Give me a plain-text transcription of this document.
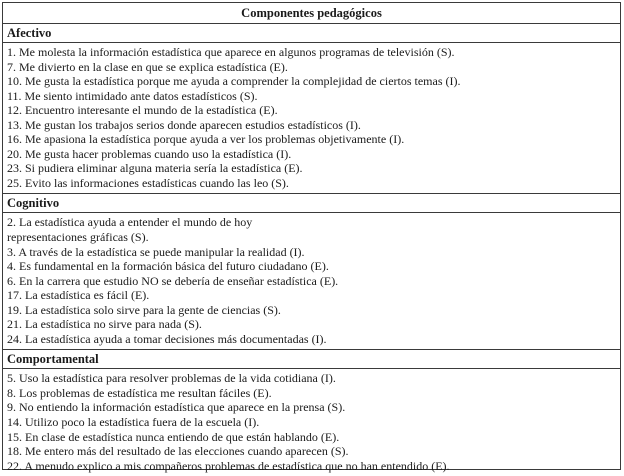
Componentes pedagógicos
Afectivo
1. Me molesta la información estadística que aparece en algunos programas de televisión (S).
7. Me divierto en la clase en que se explica estadística (E).
10. Me gusta la estadística porque me ayuda a comprender la complejidad de ciertos temas (I).
11. Me siento intimidado ante datos estadísticos (S).
12. Encuentro interesante el mundo de la estadística (E).
13. Me gustan los trabajos serios donde aparecen estudios estadísticos (I).
16. Me apasiona la estadística porque ayuda a ver los problemas objetivamente (I).
20. Me gusta hacer problemas cuando uso la estadística (I).
23. Si pudiera eliminar alguna materia sería la estadística (E).
25. Evito las informaciones estadísticas cuando las leo (S).
Cognitivo
2. La estadística ayuda a entender el mundo de hoy
representaciones gráficas (S).
3. A través de la estadística se puede manipular la realidad (I).
4. Es fundamental en la formación básica del futuro ciudadano (E).
6. En la carrera que estudio NO se debería de enseñar estadística (E).
17. La estadística es fácil (E).
19. La estadística solo sirve para la gente de ciencias (S).
21. La estadística no sirve para nada (S).
24. La estadística ayuda a tomar decisiones más documentadas (I).
Comportamental
5. Uso la estadística para resolver problemas de la vida cotidiana (I).
8. Los problemas de estadística me resultan fáciles (E).
9. No entiendo la información estadística que aparece en la prensa (S).
14. Utilizo poco la estadística fuera de la escuela (I).
15. En clase de estadística nunca entiendo de que están hablando (E).
18. Me entero más del resultado de las elecciones cuando aparecen (S).
22. A menudo explico a mis compañeros problemas de estadística que no han entendido (E).
